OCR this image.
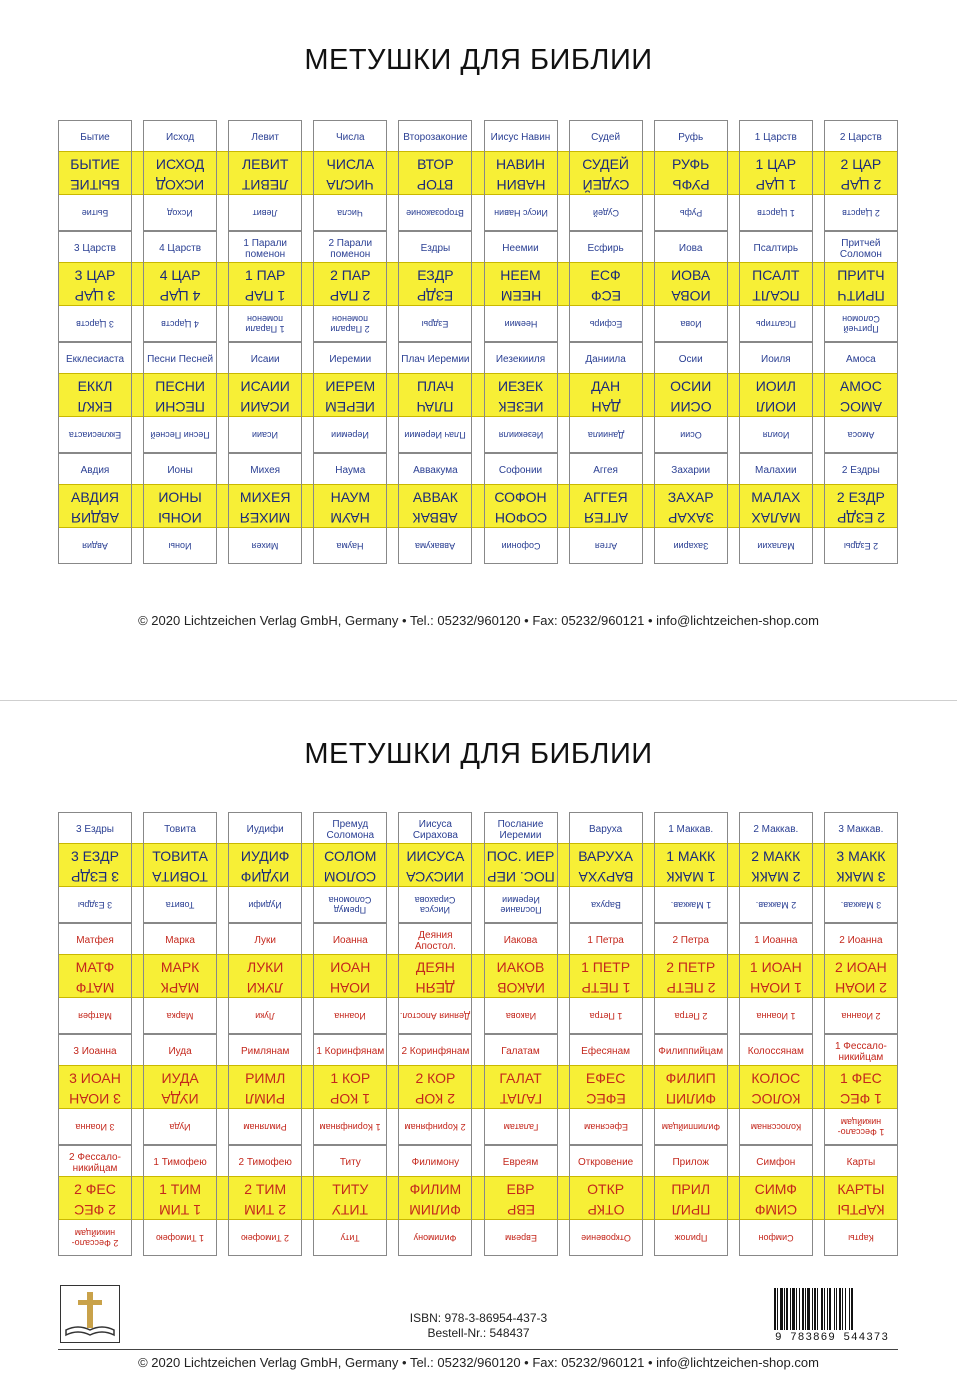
МЕТУШКИ ДЛЯ БИБЛИИ
Бытие
БЫТИЕ
БЫТИЕ
Бытие
Исход
ИСХОД
ИСХОД
Исход
Левит
ЛЕВИТ
ЛЕВИТ
Левит
Числа
ЧИСЛА
ЧИСЛА
Числа
Второзаконие
ВТОР
ВТОР
Второзаконие
Иисус Навин
НАВИН
НАВИН
Иисус Навин
Судей
СУДЕЙ
СУДЕЙ
Судей
Руфь
РУФЬ
РУФЬ
Руфь
1 Царств
1 ЦАР
1 ЦАР
1 Царств
2 Царств
2 ЦАР
2 ЦАР
2 Царств
3 Царств
3 ЦАР
3 ЦАР
3 Царств
4 Царств
4 ЦАР
4 ЦАР
4 Царств
1 Парали поменон
1 ПАР
1 ПАР
1 Парали поменон
2 Парали поменон
2 ПАР
2 ПАР
2 Парали поменон
Ездры
ЕЗДР
ЕЗДР
Ездры
Неемии
НЕЕМ
НЕЕМ
Неемии
Есфирь
ЕСФ
ЕСФ
Есфирь
Иова
ИОВА
ИОВА
Иова
Псалтирь
ПСАЛТ
ПСАЛТ
Псалтирь
Притчей Соломон
ПРИТЧ
ПРИТЧ
Притчей Соломон
Екклесиаста
ЕККЛ
ЕККЛ
Екклесиаста
Песни Песней
ПЕСНИ
ПЕСНИ
Песни Песней
Исаии
ИСАИИ
ИСАИИ
Исаии
Иеремии
ИЕРЕМ
ИЕРЕМ
Иеремии
Плач Иеремии
ПЛАЧ
ПЛАЧ
Плач Иеремии
Иезекииля
ИЕЗЕК
ИЕЗЕК
Иезекииля
Даниила
ДАН
ДАН
Даниила
Осии
ОСИИ
ОСИИ
Осии
Иоиля
ИОИЛ
ИОИЛ
Иоиля
Амоса
АМОС
АМОС
Амоса
Авдия
АВДИЯ
АВДИЯ
Авдия
Ионы
ИОНЫ
ИОНЫ
Ионы
Михея
МИХЕЯ
МИХЕЯ
Михея
Наума
НАУМ
НАУМ
Наума
Аввакума
АВВАК
АВВАК
Аввакума
Софонии
СОФОН
СОФОН
Софонии
Аггея
АГГЕЯ
АГГЕЯ
Аггея
Захарии
ЗАХАР
ЗАХАР
Захарии
Малахии
МАЛАХ
МАЛАХ
Малахии
2 Ездры
2 ЕЗДР
2 ЕЗДР
2 Ездры
© 2020 Lichtzeichen Verlag GmbH, Germany • Tel.: 05232/960120 • Fax: 05232/960121 • info@lichtzeichen-shop.com
МЕТУШКИ ДЛЯ БИБЛИИ
3 Ездры
3 ЕЗДР
3 ЕЗДР
3 Ездры
Товита
ТОВИТА
ТОВИТА
Товита
Иудифи
ИУДИФ
ИУДИФ
Иудифи
Премуд Соломона
СОЛОМ
СОЛОМ
Премуд Соломона
Иисуса Сирахова
ИИСУСА
ИИСУСА
Иисуса Сирахова
Послание Иеремии
ПОС. ИЕР
ПОС. ИЕР
Послание Иеремии
Варуха
ВАРУХА
ВАРУХА
Варуха
1 Маккав.
1 МАКК
1 МАКК
1 Маккав.
2 Маккав.
2 МАКК
2 МАКК
2 Маккав.
3 Маккав.
3 МАКК
3 МАКК
3 Маккав.
Матфея
МАТФ
МАТФ
Матфея
Марка
МАРК
МАРК
Марка
Луки
ЛУКИ
ЛУКИ
Луки
Иоанна
ИОАН
ИОАН
Иоанна
Деяния Апостол.
ДЕЯН
ДЕЯН
Деяния Апостол.
Иакова
ИАКОВ
ИАКОВ
Иакова
1 Петра
1 ПЕТР
1 ПЕТР
1 Петра
2 Петра
2 ПЕТР
2 ПЕТР
2 Петра
1 Иоанна
1 ИОАН
1 ИОАН
1 Иоанна
2 Иоанна
2 ИОАН
2 ИОАН
2 Иоанна
3 Иоанна
3 ИОАН
3 ИОАН
3 Иоанна
Иуда
ИУДА
ИУДА
Иуда
Римлянам
РИМЛ
РИМЛ
Римлянам
1 Коринфянам
1 КОР
1 КОР
1 Коринфянам
2 Коринфянам
2 КОР
2 КОР
2 Коринфянам
Галатам
ГАЛАТ
ГАЛАТ
Галатам
Ефесянам
ЕФЕС
ЕФЕС
Ефесянам
Филиппийцам
ФИЛИП
ФИЛИП
Филиппийцам
Колоссянам
КОЛОС
КОЛОС
Колоссянам
1 Фессало- никийцам
1 ФЕС
1 ФЕС
1 Фессало- никийцам
2 Фессало- никийцам
2 ФЕС
2 ФЕС
2 Фессало- никийцам
1 Тимофею
1 ТИМ
1 ТИМ
1 Тимофею
2 Тимофею
2 ТИМ
2 ТИМ
2 Тимофею
Титу
ТИТУ
ТИТУ
Титу
Филимону
ФИЛИМ
ФИЛИМ
Филимону
Евреям
ЕВР
ЕВР
Евреям
Откровение
ОТКР
ОТКР
Откровение
Прилож
ПРИЛ
ПРИЛ
Прилож
Симфон
СИМФ
СИМФ
Симфон
Карты
КАРТЫ
КАРТЫ
Карты
ISBN: 978-3-86954-437-3
Bestell-Nr.: 548437	9 783869 544373
© 2020 Lichtzeichen Verlag GmbH, Germany • Tel.: 05232/960120 • Fax: 05232/960121 • info@lichtzeichen-shop.com
